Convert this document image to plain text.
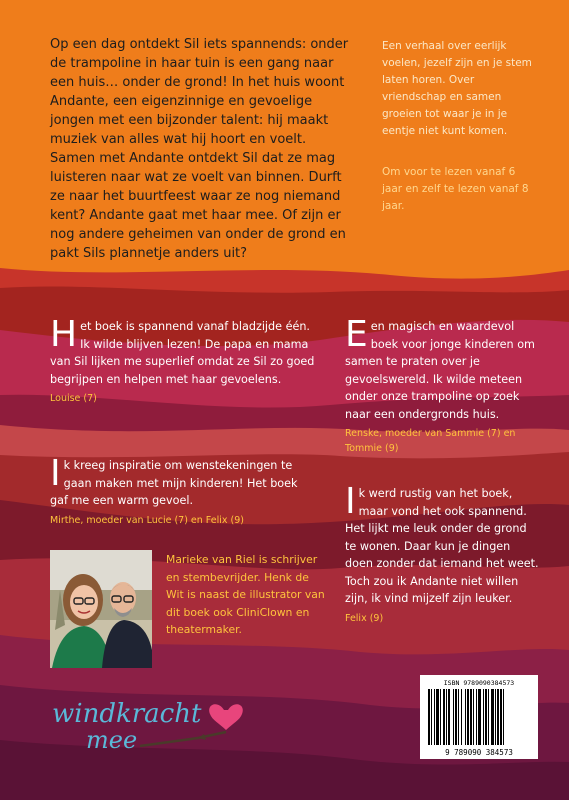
Op een dag ontdekt Sil iets spannends: onder de trampoline in haar tuin is een gang naar een huis… onder de grond! In het huis woont Andante, een eigenzinnige en gevoelige jongen met een bijzonder talent: hij maakt muziek van alles wat hij hoort en voelt. Samen met Andante ontdekt Sil dat ze mag luisteren naar wat ze voelt van binnen. Durft ze naar het buurtfeest waar ze nog niemand kent? Andante gaat met haar mee. Of zijn er nog andere geheimen van onder de grond en pakt Sils plannetje anders uit?

Een verhaal over eerlijk voelen, jezelf zijn en je stem laten horen. Over vriendschap en samen groeien tot waar je in je eentje niet kunt komen.

Om voor te lezen vanaf 6 jaar en zelf te lezen vanaf 8 jaar.

H et boek is spannend vanaf bladzijde één. Ik wilde blijven lezen! De papa en mama van Sil lijken me superlief omdat ze Sil zo goed begrijpen en helpen met haar gevoelens.

Louise (7)
I k kreeg inspiratie om wenstekeningen te gaan maken met mijn kinderen! Het boek gaf me een warm gevoel.

Mirthe, moeder van Lucie (7) en Felix (9)
E en magisch en waardevol boek voor jonge kinderen om samen te praten over je gevoelswereld. Ik wilde meteen onder onze trampoline op zoek naar een ondergronds huis.

Renske, moeder van Sammie (7) en Tommie (9)
I k werd rustig van het boek, maar vond het ook spannend. Het lijkt me leuk onder de grond te wonen. Daar kun je dingen doen zonder dat iemand het weet. Toch zou ik Andante niet willen zijn, ik vind mijzelf zijn leuker.

Felix (9)

Marieke van Riel is schrijver en stembevrijder. Henk de Wit is naast de illustrator van dit boek ook CliniClown en theatermaker.

windkracht
mee
ISBN 9789090384573
9 789090 384573
